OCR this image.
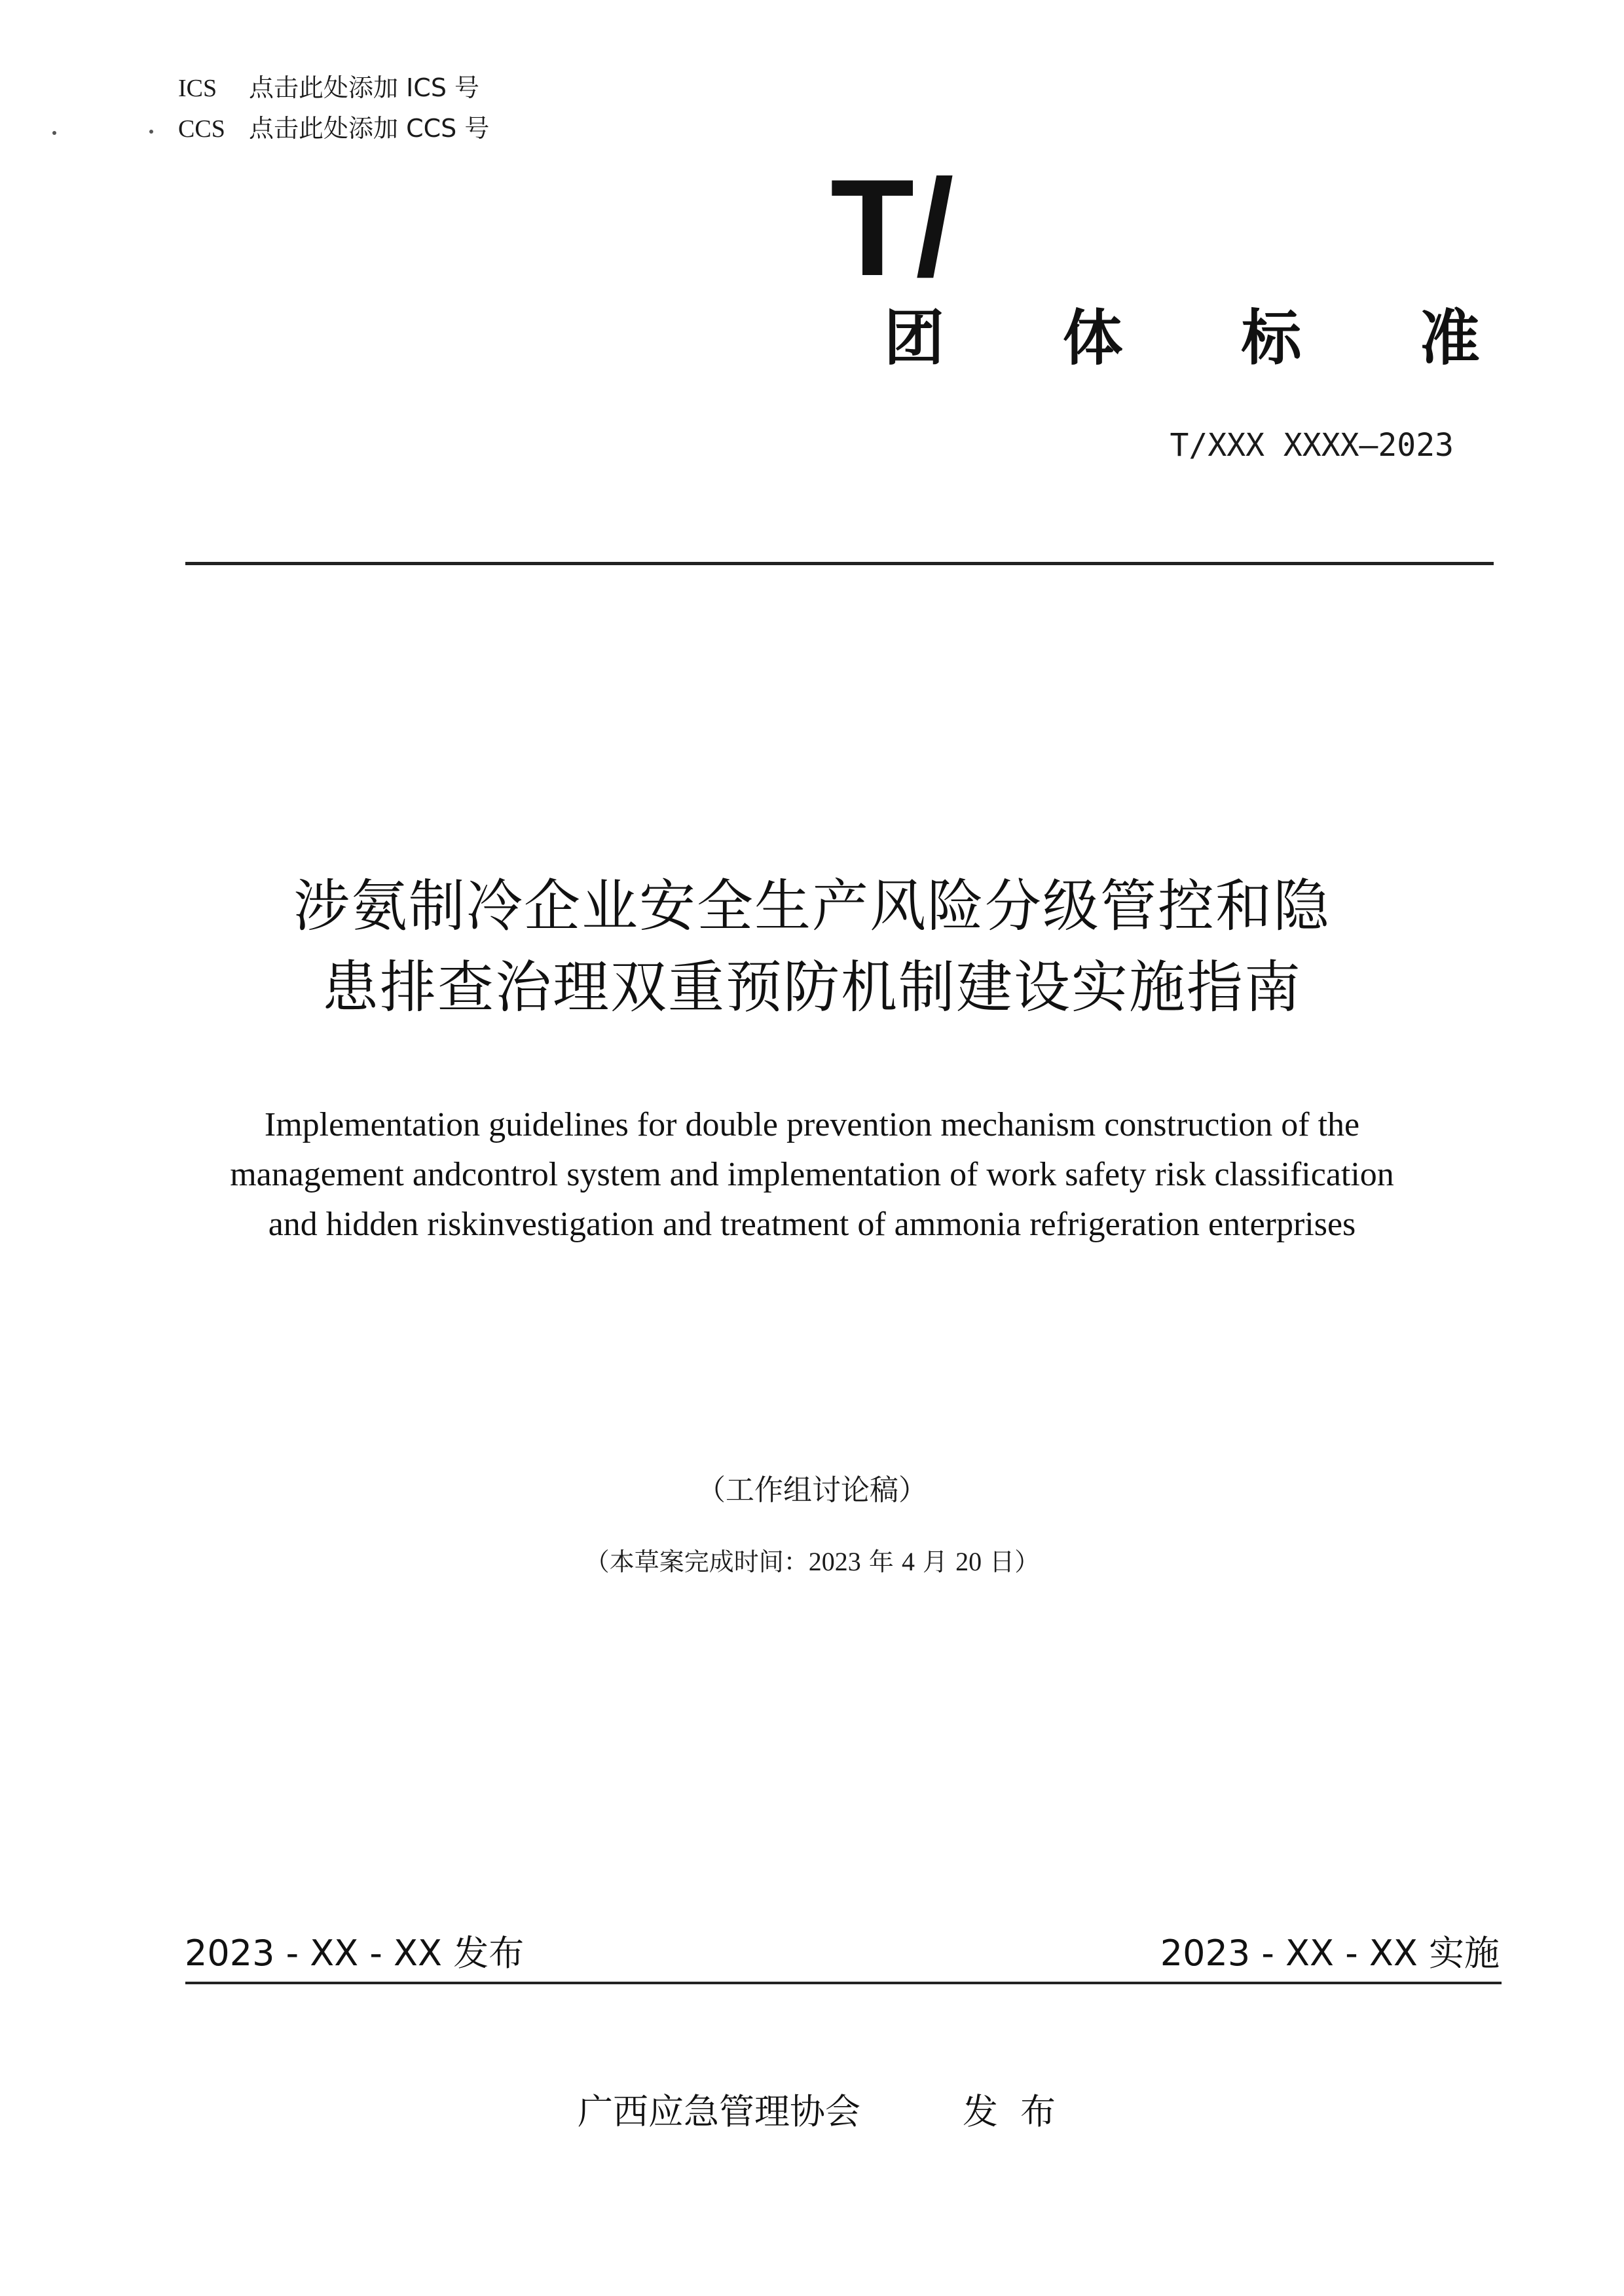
ICS 点击此处添加 ICS 号
CCS 点击此处添加 CCS 号
T/
团 体 标 准
T/XXX XXXX—2023
涉氨制冷企业安全生产风险分级管控和隐
患排查治理双重预防机制建设实施指南
Implementation guidelines for double prevention mechanism construction of the
management andcontrol system and implementation of work safety risk classification
and hidden riskinvestigation and treatment of ammonia refrigeration enterprises
（工作组讨论稿）
（本草案完成时间：2023 年 4 月 20 日）
2023 - XX - XX 发布	2023 - XX - XX 实施
广西应急管理协会	发布
